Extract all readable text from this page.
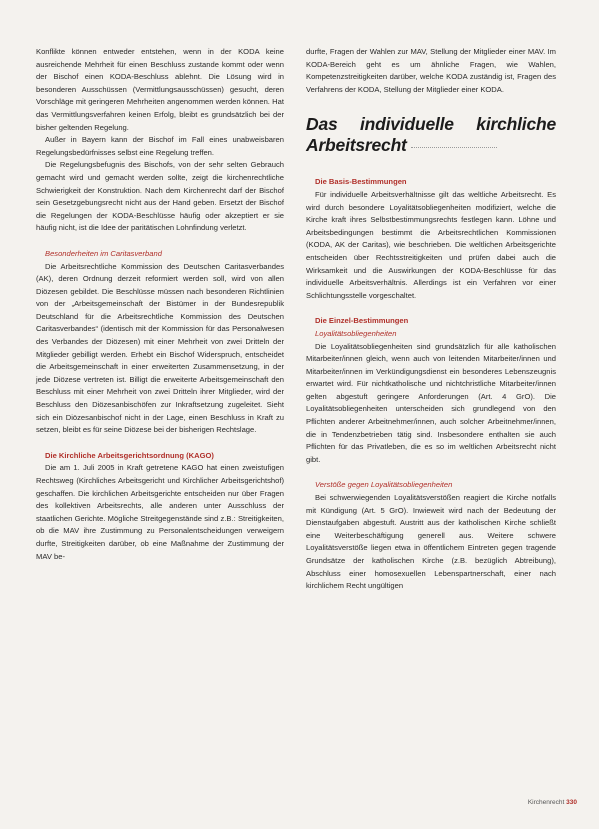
Konflikte können entweder entstehen, wenn in der KODA keine ausreichende Mehrheit für einen Beschluss zustande kommt oder wenn der Bischof einen KODA-Beschluss ablehnt. Die Lösung wird in besonderen Ausschüssen (Vermittlungsausschüssen) gesucht, deren Vorschläge mit geringeren Mehrheiten angenommen werden können. Hat das Vermittlungsverfahren keinen Erfolg, bleibt es grundsätzlich bei der bisher geltenden Regelung.

Außer in Bayern kann der Bischof im Fall eines unabweisbaren Regelungsbedürfnisses selbst eine Regelung treffen.

Die Regelungsbefugnis des Bischofs, von der sehr selten Gebrauch gemacht wird und gemacht werden sollte, zeigt die kirchenrechtliche Schwierigkeit der Konstruktion. Nach dem Kirchenrecht darf der Bischof sein Gesetzgebungsrecht nicht aus der Hand geben. Ersetzt der Bischof die Regelungen der KODA-Beschlüsse häufig oder akzeptiert er sie häufig nicht, ist die Idee der paritätischen Lohnfindung verletzt.

Besonderheiten im Caritasverband

Die Arbeitsrechtliche Kommission des Deutschen Caritasverbandes (AK), deren Ordnung derzeit reformiert werden soll, wird von allen Diözesen gebildet. Die Beschlüsse müssen nach besonderen Richtlinien von der „Arbeitsgemeinschaft der Bistümer in der Bundesrepublik Deutschland für die Arbeitsrechtliche Kommission des Deutschen Caritasverbandes“ (identisch mit der Kommission für das Personalwesen des Verbandes der Diözesen) mit einer Mehrheit von zwei Dritteln der Mitglieder gebilligt werden. Erhebt ein Bischof Widerspruch, entscheidet die Arbeitsgemeinschaft in einer erweiterten Zusammensetzung, in der jede Diözese vertreten ist. Billigt die erweiterte Arbeitsgemeinschaft den Beschluss mit einer Mehrheit von zwei Dritteln ihrer Mitglieder, wird der Beschluss den Diözesanbischöfen zur Inkraftsetzung zugeleitet. Sieht sich ein Diözesanbischof nicht in der Lage, einen Beschluss in Kraft zu setzen, bleibt es für seine Diözese bei der bisherigen Rechtslage.

Die Kirchliche Arbeitsgerichtsordnung (KAGO)

Die am 1. Juli 2005 in Kraft getretene KAGO hat einen zweistufigen Rechtsweg (Kirchliches Arbeitsgericht und Kirchlicher Arbeitsgerichtshof) geschaffen. Die kirchlichen Arbeitsgerichte entscheiden nur über Fragen des kollektiven Arbeitsrechts, alle anderen unter Ausschluss der staatlichen Gerichte. Mögliche Streitgegenstände sind z.B.: Streitigkeiten, ob die MAV ihre Zustimmung zu Personalentscheidungen verweigern durfte, Streitigkeiten darüber, ob eine Maßnahme der Zustimmung der MAV be-

durfte, Fragen der Wahlen zur MAV, Stellung der Mitglieder einer MAV. Im KODA-Bereich geht es um ähnliche Fragen, wie Wahlen, Kompetenzstreitigkeiten darüber, welche KODA zuständig ist, Fragen des Verfahrens der KODA, Stellung der Mitglieder einer KODA.

Das individuelle kirchliche Arbeitsrecht

Die Basis-Bestimmungen

Für individuelle Arbeitsverhältnisse gilt das weltliche Arbeitsrecht. Es wird durch besondere Loyalitätsobliegenheiten modifiziert, welche die Kirche kraft ihres Selbstbestimmungsrechts festlegen kann. Löhne und Arbeitsbedingungen bestimmt die Arbeitsrechtlichen Kommissionen (KODA, AK der Caritas), wie beschrieben. Die weltlichen Arbeitsgerichte entscheiden über Rechtsstreitigkeiten und prüfen dabei auch die Wirksamkeit und die Auswirkungen der KODA-Beschlüsse für das individuelle Arbeitsverhältnis. Allerdings ist ein Verfahren vor einer Schlichtungsstelle vorgeschaltet.

Die Einzel-Bestimmungen

Loyalitätsobliegenheiten

Die Loyalitätsobliegenheiten sind grundsätzlich für alle katholischen Mitarbeiter/innen gleich, wenn auch von leitenden Mitarbeiter/innen und Mitarbeiter/innen im Verkündigungsdienst ein besonderes Lebenszeugnis erwartet wird. Für nichtkatholische und nichtchristliche Mitarbeiter/innen gelten abgestuft geringere Anforderungen (Art. 4 GrO). Die Loyalitätsobliegenheiten unterscheiden sich grundlegend von den Pflichten anderer Arbeitnehmer/innen, auch solcher Arbeitnehmer/innen, die in Tendenzbetrieben tätig sind. Insbesondere enthalten sie auch Pflichten für das Privatleben, die es so im weltlichen Arbeitsrecht nicht gibt.

Verstöße gegen Loyalitätsobliegenheiten

Bei schwerwiegenden Loyalitätsverstößen reagiert die Kirche notfalls mit Kündigung (Art. 5 GrO). Inwieweit wird nach der Bedeutung der Dienstaufgaben abgestuft. Austritt aus der katholischen Kirche schließt eine Weiterbeschäftigung generell aus. Weitere schwere Loyalitätsverstöße liegen etwa in öffentlichem Eintreten gegen tragende Grundsätze der katholischen Kirche (z.B. bezüglich Abtreibung), Abschluss einer homosexuellen Lebenspartnerschaft, einer nach kirchlichem Recht ungültigen

Kirchenrecht 330
